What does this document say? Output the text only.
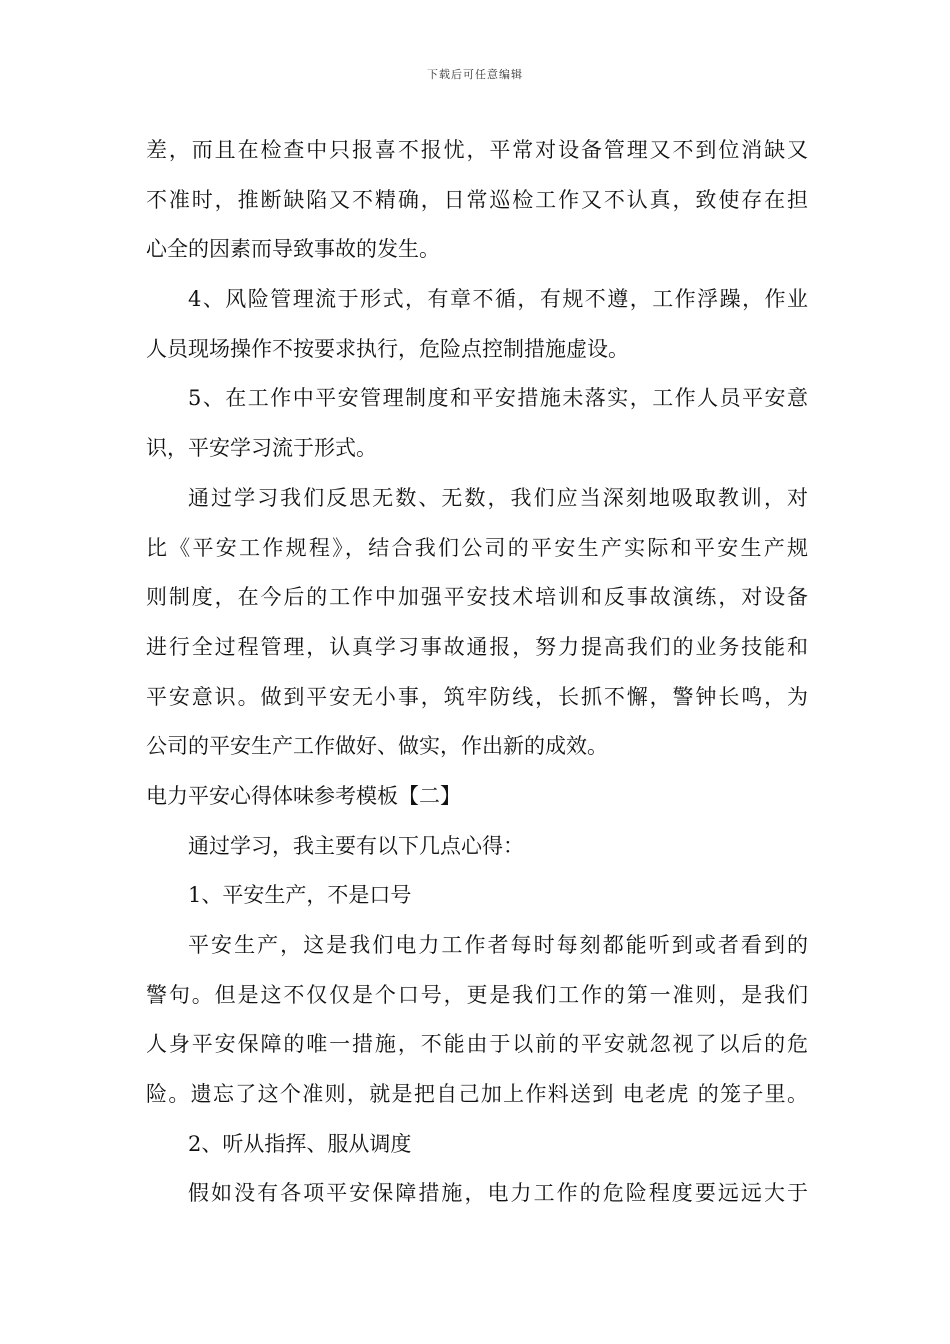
下载后可任意编辑
差，而且在检查中只报喜不报忧，平常对设备管理又不到位消缺又
不准时，推断缺陷又不精确，日常巡检工作又不认真，致使存在担
心全的因素而导致事故的发生。
4、风险管理流于形式，有章不循，有规不遵，工作浮躁，作业
人员现场操作不按要求执行，危险点控制措施虚设。
5、在工作中平安管理制度和平安措施未落实，工作人员平安意
识，平安学习流于形式。
通过学习我们反思无数、无数，我们应当深刻地吸取教训，对
比《平安工作规程》，结合我们公司的平安生产实际和平安生产规
则制度，在今后的工作中加强平安技术培训和反事故演练，对设备
进行全过程管理，认真学习事故通报，努力提高我们的业务技能和
平安意识。做到平安无小事，筑牢防线，长抓不懈，警钟长鸣，为
公司的平安生产工作做好、做实，作出新的成效。
电力平安心得体味参考模板【二】
通过学习，我主要有以下几点心得：
1、平安生产，不是口号
平安生产，这是我们电力工作者每时每刻都能听到或者看到的
警句。但是这不仅仅是个口号，更是我们工作的第一准则，是我们
人身平安保障的唯一措施，不能由于以前的平安就忽视了以后的危
险。遗忘了这个准则，就是把自己加上作料送到 电老虎 的笼子里。
2、听从指挥、服从调度
假如没有各项平安保障措施，电力工作的危险程度要远远大于
